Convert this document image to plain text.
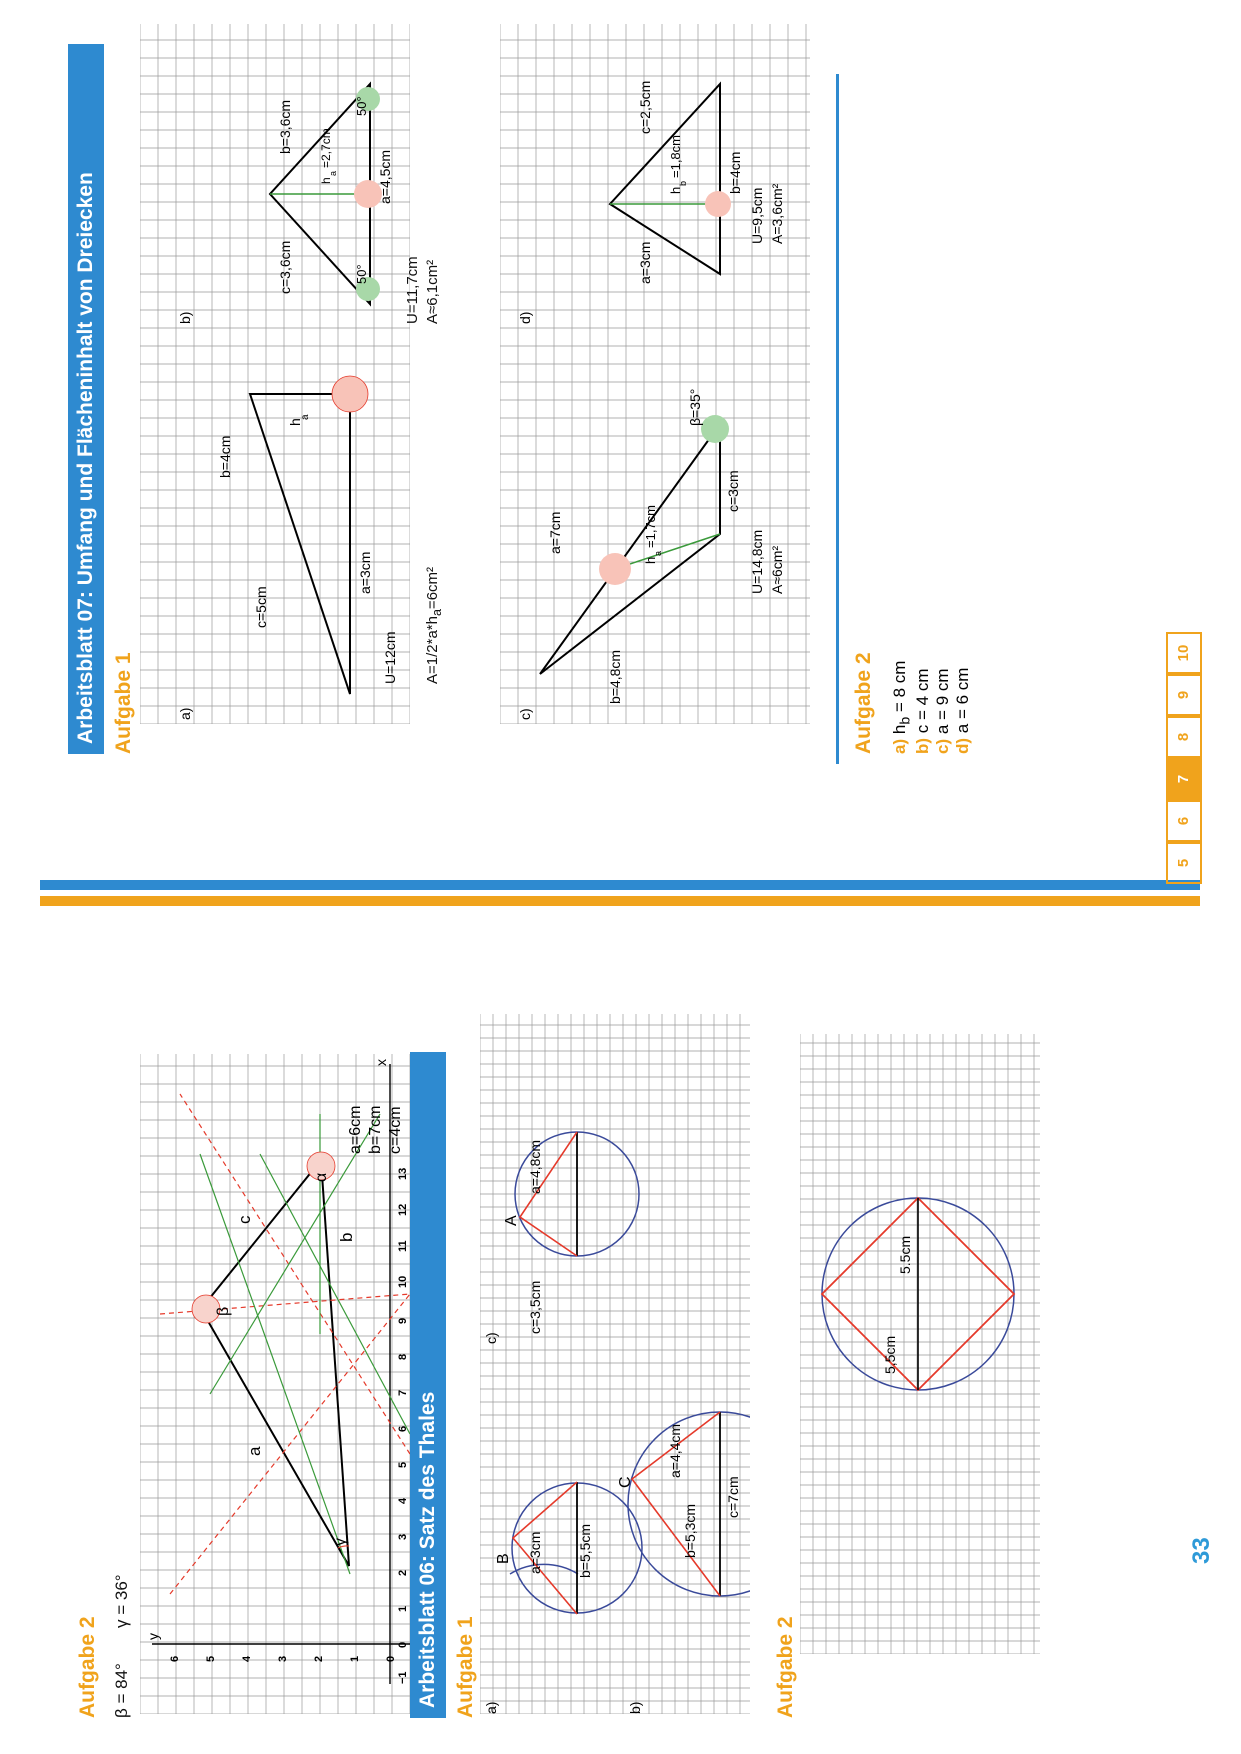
Aufgabe 2 β = 84°
γ = 36°
−1
0
1
2
3
4
5
6
7
8
9
10
11
12
13
0
1
2
3
4
5
6
x
y
γ
β
α
a
b
c
a=6cm b=7cm c=4cm
Arbeitsblatt 06: Satz des Thales Aufgabe 1 a)
B a=3cm b=5,5cm
b)
C
b=5,3cm
a=4,4cm
c=7cm
c)
A
c=3,5cm
a=4,8cm
Aufgabe 2
5,5cm
5.5cm
33
Arbeitsblatt 07: Umfang und Flächeninhalt von Dreiecken Aufgabe 1	a)
c=5cm
b=4cm
h
a
a=3cm
U=12cm
b)
50°
50°
c=3,6cm
b=3,6cm
h
a
=2,7cm
a=4,5cm
$A=1/2*a*h_a=6cm^2$
U=11,7cm A≈6,1cm²
c)
b=4,8cm
a=7cm
h
a
=1,7cm
c=3cm
β=35°
U=14,8cm A≈6cm²
d)
a=3cm
c=2,5cm
h
b
=1,8cm	b=4cm
U=9,5cm A=3,6cm²
Aufgabe 2 a) $h_b = 8$ cm
b) c = 4 cm
c) a = 9 cm
d) a = 6 cm
5
6
7
8
9
10
